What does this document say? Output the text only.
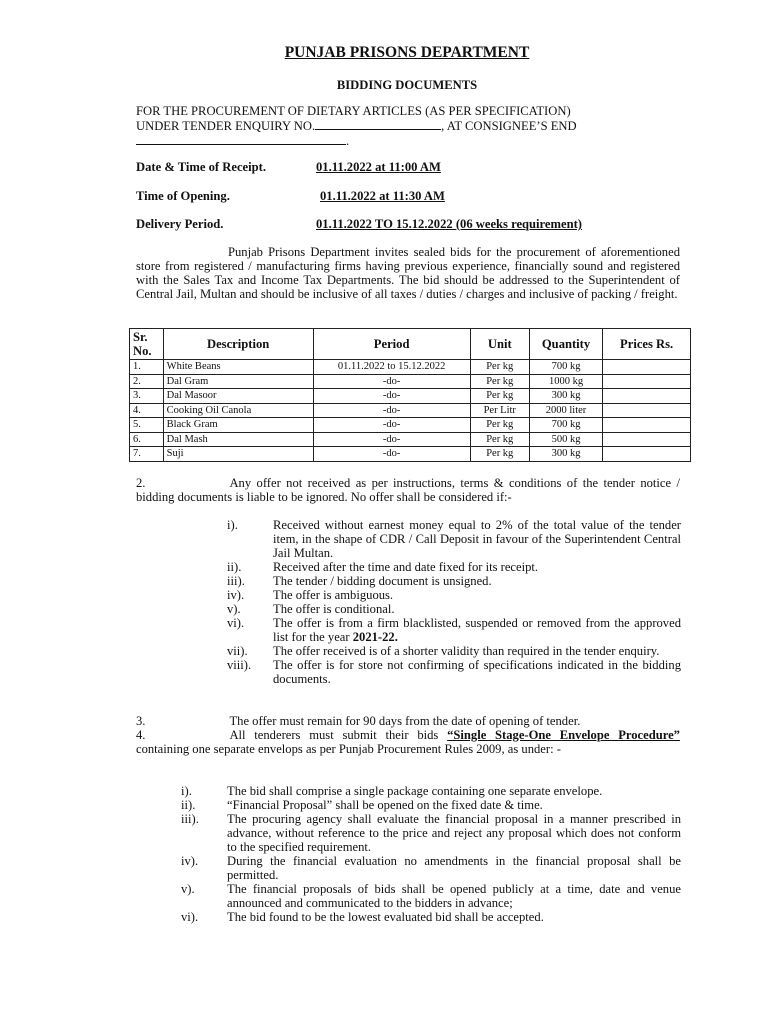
PUNJAB PRISONS DEPARTMENT
BIDDING DOCUMENTS
FOR THE PROCUREMENT OF DIETARY ARTICLES (AS PER SPECIFICATION)
UNDER TENDER ENQUIRY NO.	, AT CONSIGNEE’S END
.
Date & Time of Receipt.	01.11.2022 at 11:00 AM
Time of Opening.	01.11.2022 at 11:30 AM
Delivery Period.	01.11.2022 TO 15.12.2022 (06 weeks requirement)
Punjab Prisons Department invites sealed bids for the procurement of aforementioned store from registered / manufacturing firms having previous experience, financially sound and registered with the Sales Tax and Income Tax Departments. The bid should be addressed to the Superintendent of Central Jail, Multan and should be inclusive of all taxes / duties / charges and inclusive of packing / freight.
Sr. No.	Description	Period	Unit	Quantity	Prices Rs.
1.	White Beans	01.11.2022 to 15.12.2022	Per kg	700 kg	
2.	Dal Gram	-do-	Per kg	1000 kg	
3.	Dal Masoor	-do-	Per kg	300 kg	
4.	Cooking Oil Canola	-do-	Per Litr	2000 liter	
5.	Black Gram	-do-	Per kg	700 kg	
6.	Dal Mash	-do-	Per kg	500 kg	
7.	Suji	-do-	Per kg	300 kg	
2.	Any offer not received as per instructions, terms & conditions of the tender notice / bidding documents is liable to be ignored. No offer shall be considered if:-
i).	Received without earnest money equal to 2% of the total value of the tender item, in the shape of CDR / Call Deposit in favour of the Superintendent Central Jail Multan.
ii).	Received after the time and date fixed for its receipt.
iii). The tender / bidding document is unsigned.
iv). The offer is ambiguous.
v).	The offer is conditional.
vi). The offer is from a firm blacklisted, suspended or removed from the approved list for the year 2021-22.
vii). The offer received is of a shorter validity than required in the tender enquiry.
viii). The offer is for store not confirming of specifications indicated in the bidding documents.
3.	The offer must remain for 90 days from the date of opening of tender.
4.	All tenderers must submit their bids “Single Stage-One Envelope Procedure” containing one separate envelops as per Punjab Procurement Rules 2009, as under: -
i).	The bid shall comprise a single package containing one separate envelope.
ii).	“Financial Proposal” shall be opened on the fixed date & time.
iii). The procuring agency shall evaluate the financial proposal in a manner prescribed in advance, without reference to the price and reject any proposal which does not conform to the specified requirement.
iv). During the financial evaluation no amendments in the financial proposal shall be permitted.
v).	The financial proposals of bids shall be opened publicly at a time, date and venue announced and communicated to the bidders in advance;
vi). The bid found to be the lowest evaluated bid shall be accepted.
